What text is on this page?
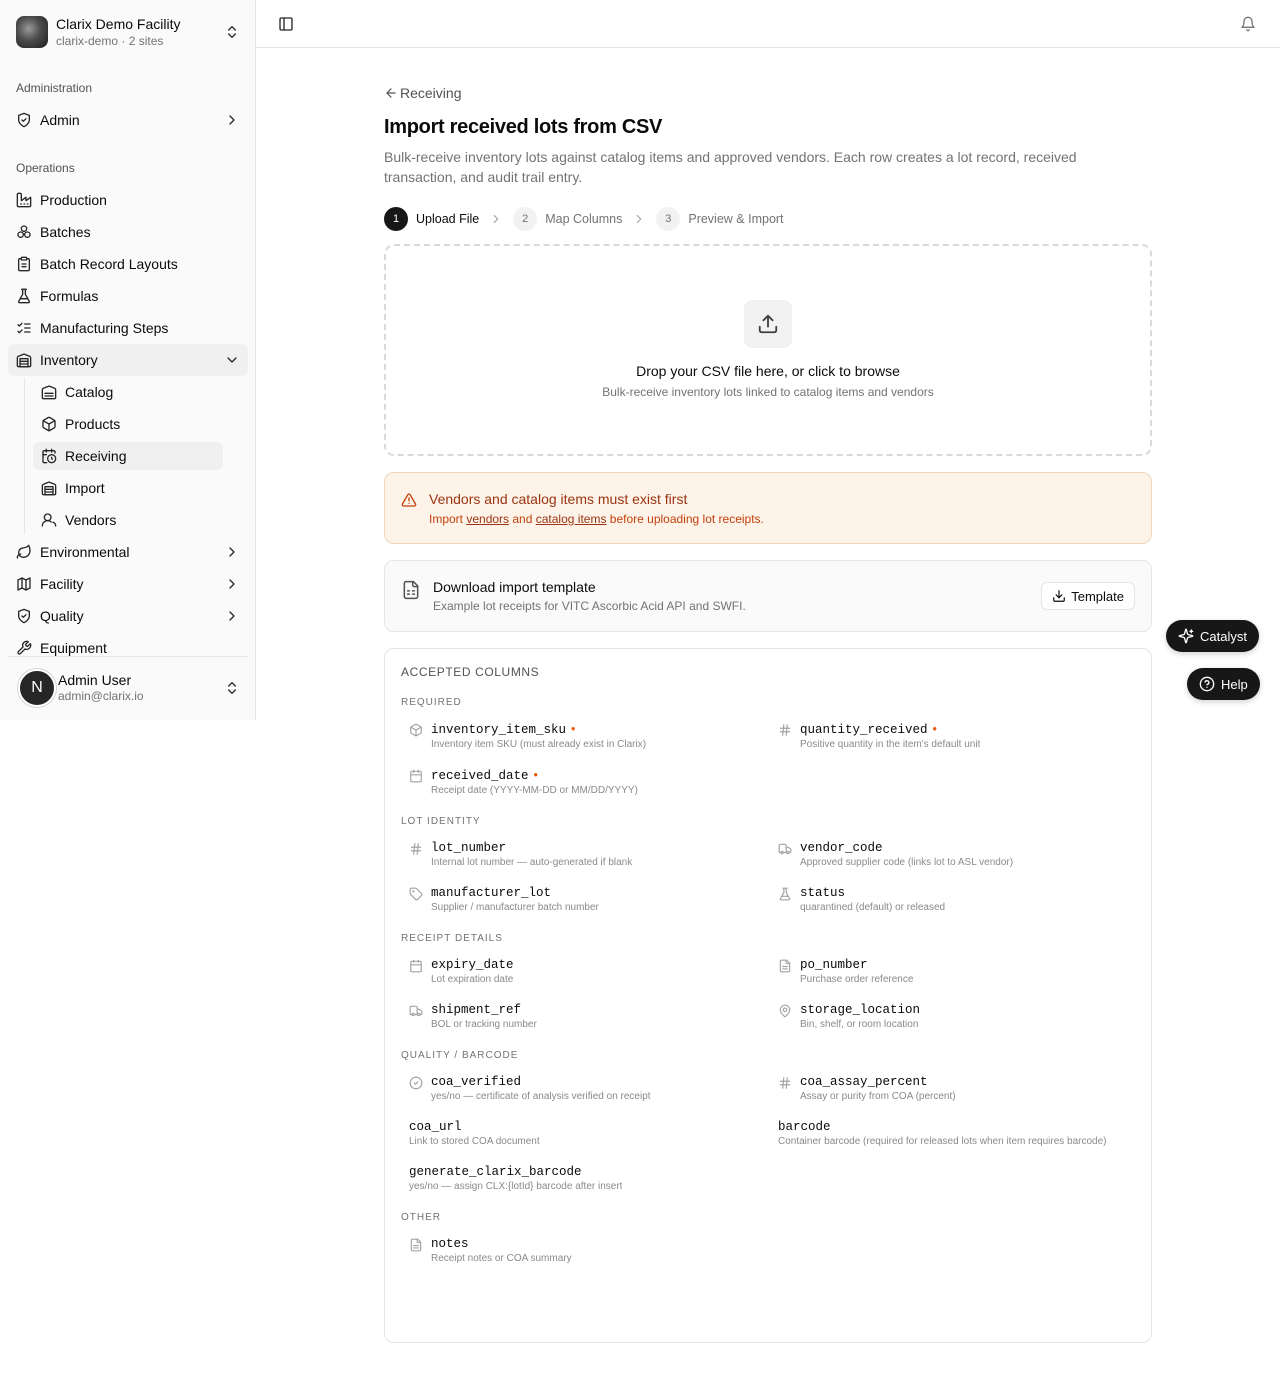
Clarix Demo Facility
clarix-demo · 2 sites
Administration
Admin
Operations
Production
Batches
Batch Record Layouts
Formulas
Manufacturing Steps
Inventory
Catalog
Products
Receiving
Import
Vendors
Environmental
Facility
Quality
Equipment
N	Admin User
admin@clarix.io
Receiving
Import received lots from CSV

Bulk-receive inventory lots against catalog items and approved vendors. Each row creates a lot record, received transaction, and audit trail entry.

1	Upload File	2	Map Columns	3	Preview & Import
Drop your CSV file here, or click to browse
Bulk-receive inventory lots linked to catalog items and vendors
Vendors and catalog items must exist first
Import vendors and catalog items before uploading lot receipts.
Download import template
Example lot receipts for VITC Ascorbic Acid API and SWFI.
Template
ACCEPTED COLUMNS
REQUIRED
inventory_item_sku •
Inventory item SKU (must already exist in Clarix)
quantity_received •
Positive quantity in the item's default unit
received_date •
Receipt date (YYYY-MM-DD or MM/DD/YYYY)
LOT IDENTITY
lot_number
Internal lot number — auto-generated if blank
vendor_code
Approved supplier code (links lot to ASL vendor)
manufacturer_lot
Supplier / manufacturer batch number
status
quarantined (default) or released
RECEIPT DETAILS
expiry_date
Lot expiration date
po_number
Purchase order reference
shipment_ref
BOL or tracking number
storage_location
Bin, shelf, or room location
QUALITY / BARCODE
coa_verified
yes/no — certificate of analysis verified on receipt
coa_assay_percent
Assay or purity from COA (percent)
coa_url
Link to stored COA document
barcode
Container barcode (required for released lots when item requires barcode)
generate_clarix_barcode
yes/no — assign CLX:{lotId} barcode after insert
OTHER
notes
Receipt notes or COA summary
Catalyst
Help
